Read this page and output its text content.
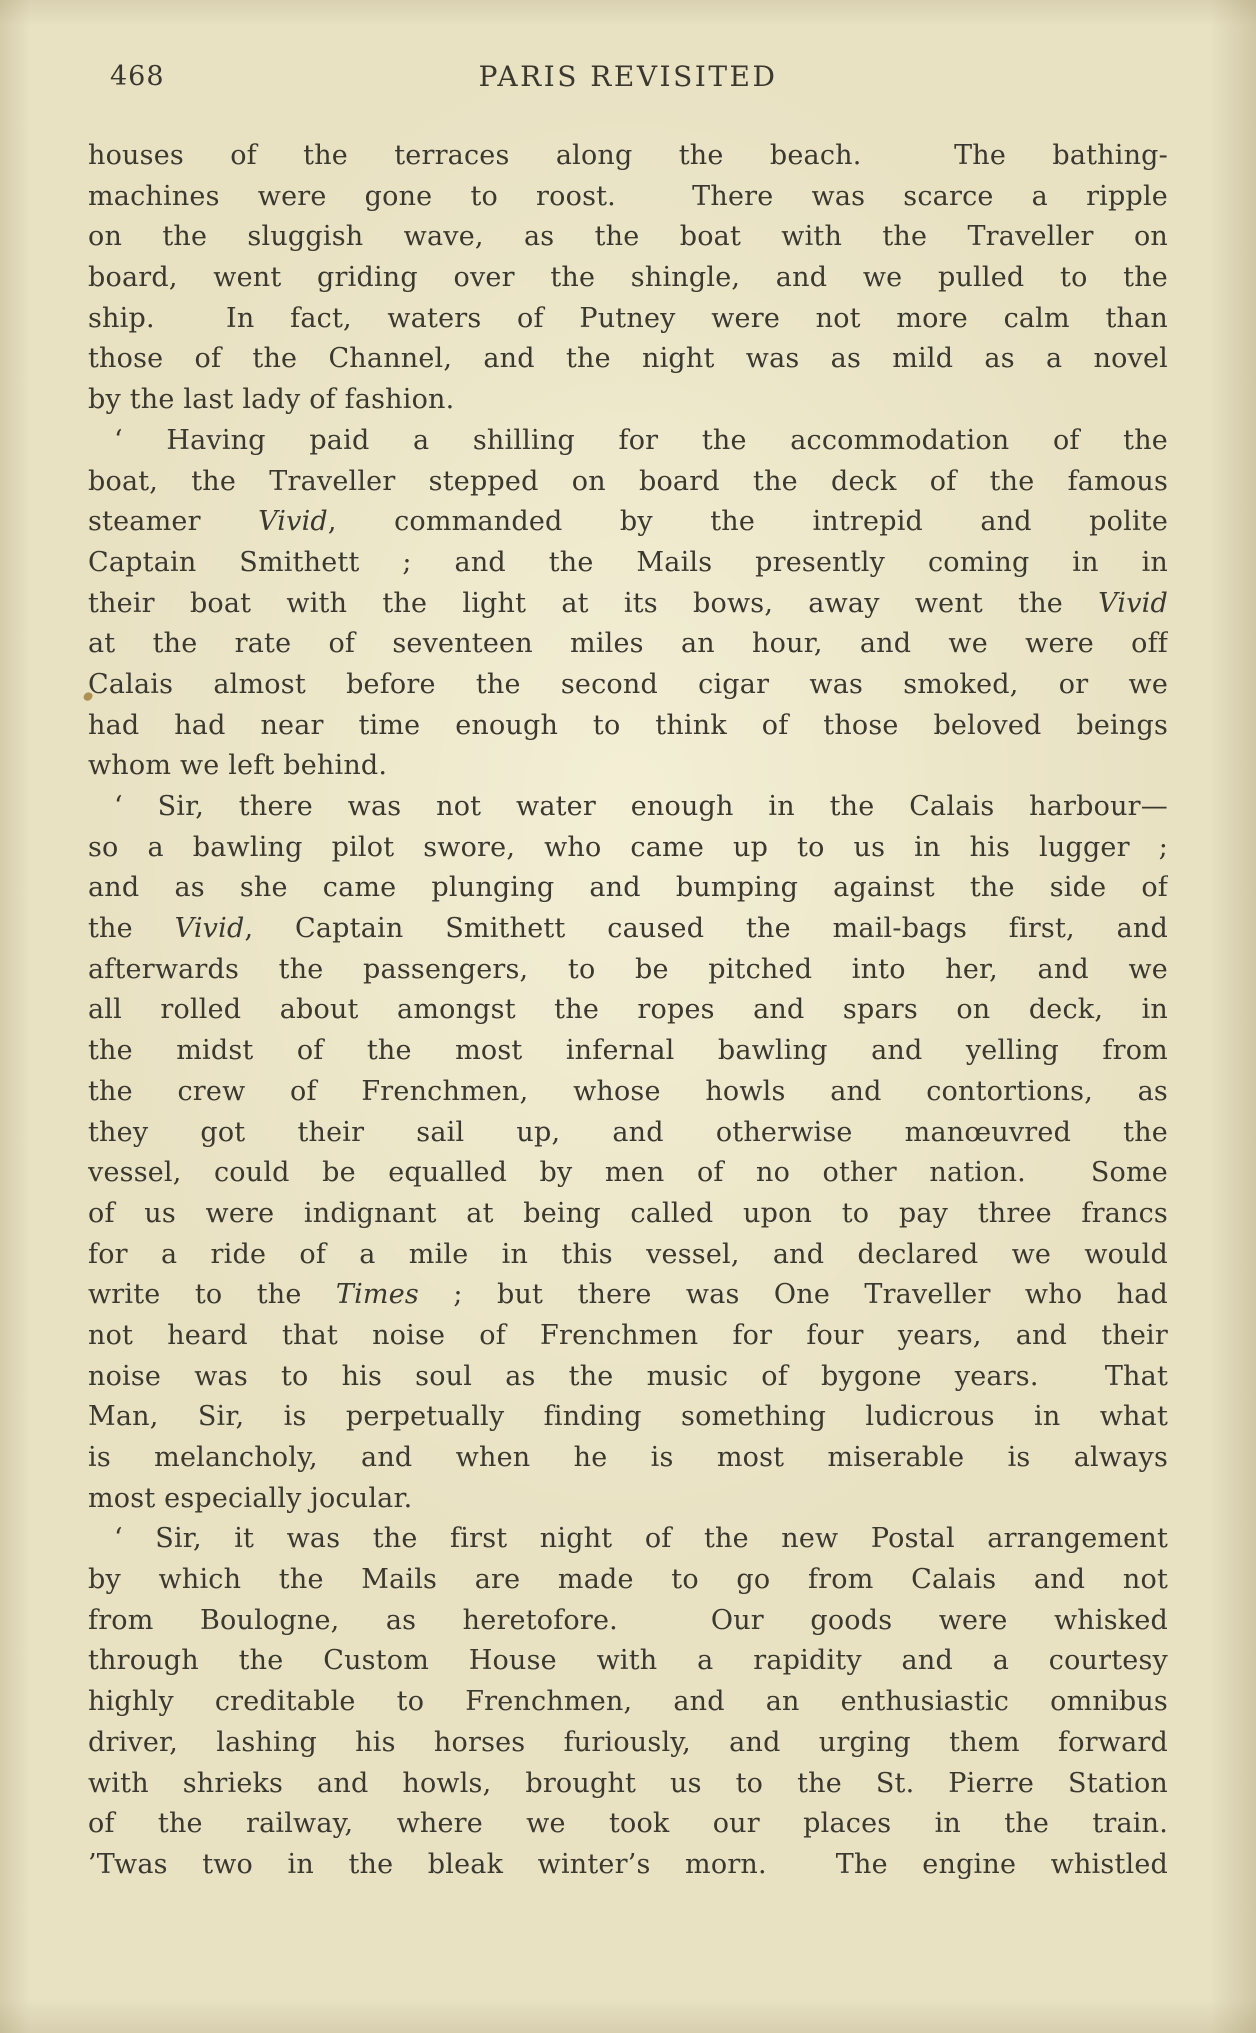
468	PARIS REVISITED
houses of the terraces along the beach.  The bathing-
machines were gone to roost.  There was scarce a ripple
on the sluggish wave, as the boat with the Traveller on
board, went griding over the shingle, and we pulled to the
ship.  In fact, waters of Putney were not more calm than
those of the Channel, and the night was as mild as a novel
by the last lady of fashion.
‘ Having paid a shilling for the accommodation of the
boat, the Traveller stepped on board the deck of the famous
steamer Vivid, commanded by the intrepid and polite
Captain Smithett ; and the Mails presently coming in in
their boat with the light at its bows, away went the Vivid
at the rate of seventeen miles an hour, and we were off
Calais almost before the second cigar was smoked, or we
had had near time enough to think of those beloved beings
whom we left behind.
‘ Sir, there was not water enough in the Calais harbour—
so a bawling pilot swore, who came up to us in his lugger ;
and as she came plunging and bumping against the side of
the Vivid, Captain Smithett caused the mail-bags first, and
afterwards the passengers, to be pitched into her, and we
all rolled about amongst the ropes and spars on deck, in
the midst of the most infernal bawling and yelling from
the crew of Frenchmen, whose howls and contortions, as
they got their sail up, and otherwise manœuvred the
vessel, could be equalled by men of no other nation.  Some
of us were indignant at being called upon to pay three francs
for a ride of a mile in this vessel, and declared we would
write to the Times ; but there was One Traveller who had
not heard that noise of Frenchmen for four years, and their
noise was to his soul as the music of bygone years.  That
Man, Sir, is perpetually finding something ludicrous in what
is melancholy, and when he is most miserable is always
most especially jocular.
‘ Sir, it was the first night of the new Postal arrangement
by which the Mails are made to go from Calais and not
from Boulogne, as heretofore.  Our goods were whisked
through the Custom House with a rapidity and a courtesy
highly creditable to Frenchmen, and an enthusiastic omnibus
driver, lashing his horses furiously, and urging them forward
with shrieks and howls, brought us to the St. Pierre Station
of the railway, where we took our places in the train.
’Twas two in the bleak winter’s morn.  The engine whistled
